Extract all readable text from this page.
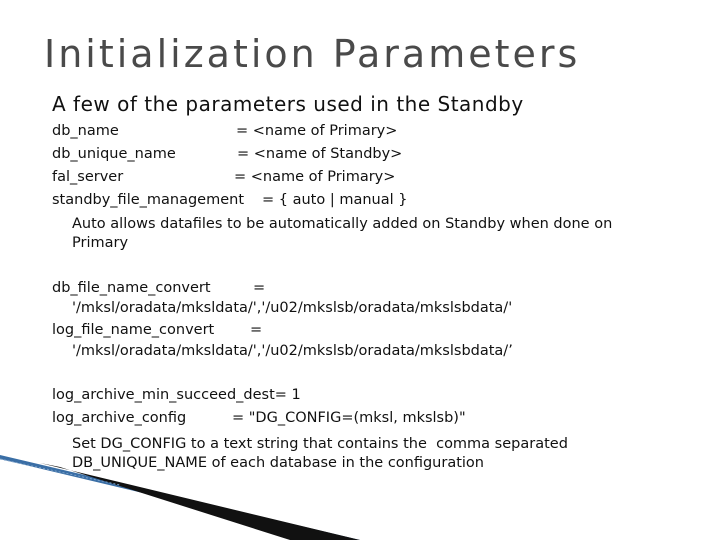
Initialization Parameters
A few of the parameters used in the Standby
db_name	= <name of Primary>
db_unique_name	= <name of Standby>
fal_server	= <name of Primary>
standby_file_management = { auto | manual }
Auto allows datafiles to be automatically added on Standby when done on
Primary
db_file_name_convert	=
'/mksl/oradata/mksldata/','/u02/mkslsb/oradata/mkslsbdata/'
log_file_name_convert =
'/mksl/oradata/mksldata/','/u02/mkslsb/oradata/mkslsbdata/’
log_archive_min_succeed_dest= 1
log_archive_config	= "DG_CONFIG=(mksl, mkslsb)"
Set DG_CONFIG to a text string that contains the  comma separated
DB_UNIQUE_NAME of each database in the configuration
